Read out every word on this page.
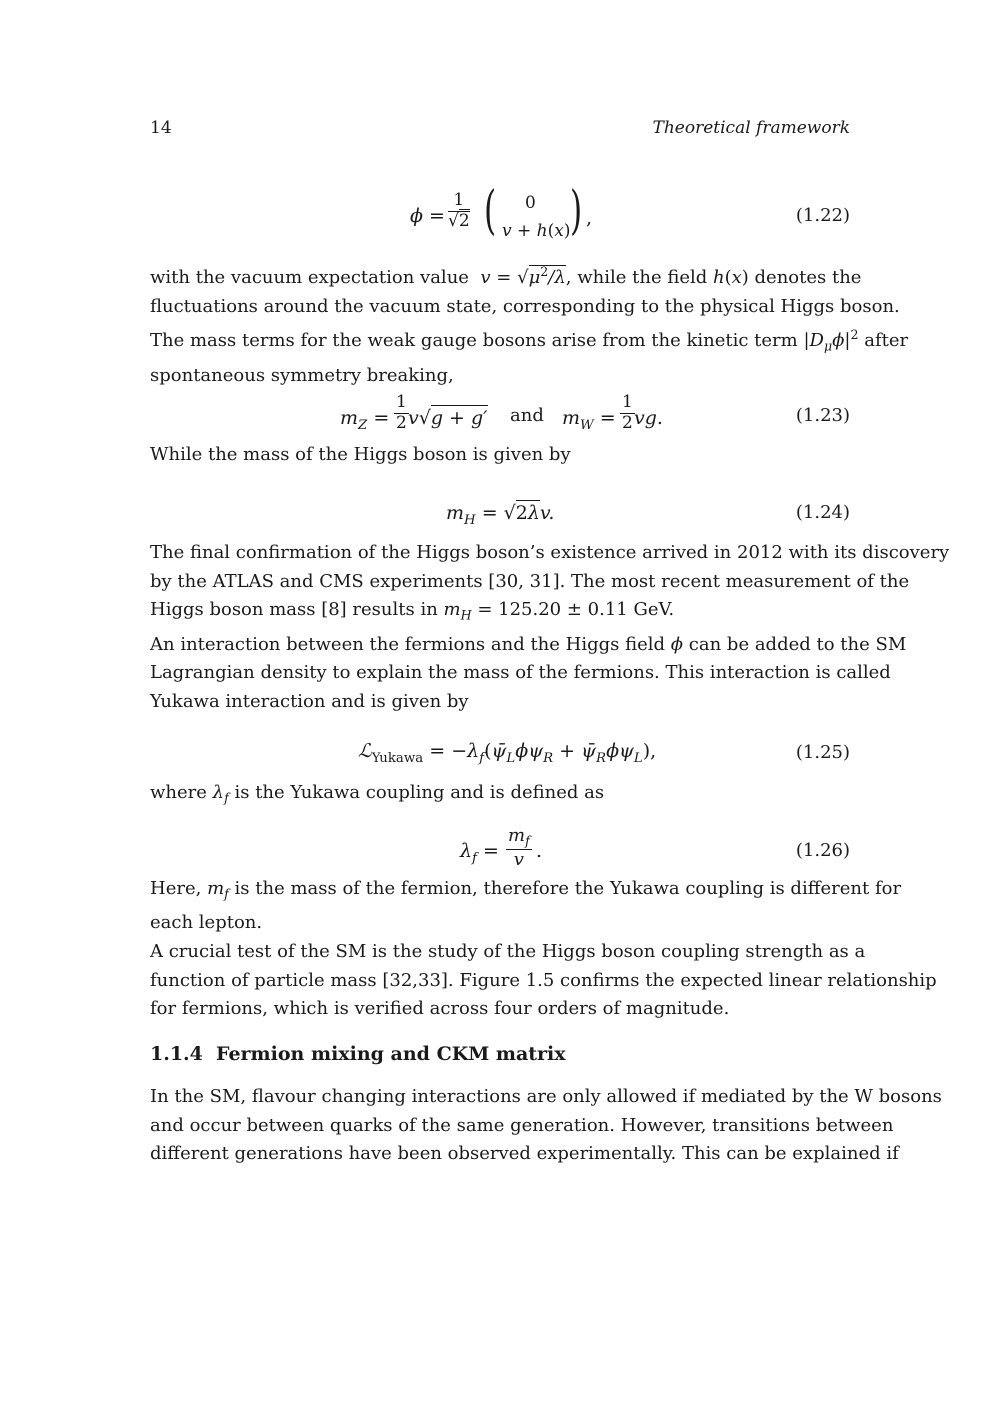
14	Theoretical framework
$\phi = \frac{1}{√2}$ ( 0
v + h(x) ) ,	(1.22)
with the vacuum expectation value $v = √\mu^2/\lambda$, while the field h(x) denotes the
fluctuations around the vacuum state, corresponding to the physical Higgs boson.
The mass terms for the weak gauge bosons arise from the kinetic term $|D_\mu\phi|^2$ after
spontaneous symmetry breaking,
$m_Z = \frac{1}{2} v√g + g'$ and $m_W = \frac{1}{2}$ vg.	(1.23)
While the mass of the Higgs boson is given by
$m_H = √2\lambda v$.	(1.24)
The final confirmation of the Higgs boson’s existence arrived in 2012 with its discovery
by the ATLAS and CMS experiments [30, 31]. The most recent measurement of the
Higgs boson mass [8] results in $m_H = 125.20 \pm 0.11$ GeV.
An interaction between the fermions and the Higgs field ϕ can be added to the SM
Lagrangian density to explain the mass of the fermions. This interaction is called
Yukawa interaction and is given by
ℒ$_{Yukawa}$ = $-\lambda_f(\psī_L\phi\psi_R$ + $\psī_R\phi\psi_L$),	(1.25)
where $\lambda_f$ is the Yukawa coupling and is defined as
$\lambda_f = \frac{m_f}{v}$ .	(1.26)
Here, $m_f$ is the mass of the fermion, therefore the Yukawa coupling is different for
each lepton.
A crucial test of the SM is the study of the Higgs boson coupling strength as a
function of particle mass [32,33]. Figure 1.5 confirms the expected linear relationship
for fermions, which is verified across four orders of magnitude.
1.1.4 Fermion mixing and CKM matrix
In the SM, flavour changing interactions are only allowed if mediated by the W bosons
and occur between quarks of the same generation. However, transitions between
different generations have been observed experimentally. This can be explained if
